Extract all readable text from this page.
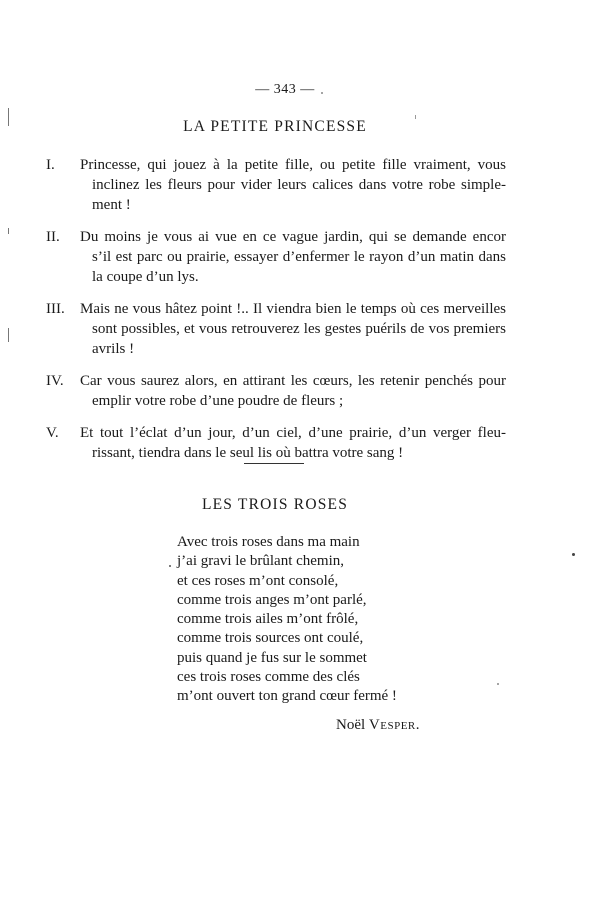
— 343 —
LA PETITE PRINCESSE
I. Princesse, qui jouez à la petite fille, ou petite fille vraiment, vous
inclinez les fleurs pour vider leurs calices dans votre robe simple-
ment !
II. Du moins je vous ai vue en ce vague jardin, qui se demande encor
s’il est parc ou prairie, essayer d’enfermer le rayon d’un matin dans
la coupe d’un lys.
III. Mais ne vous hâtez point !.. Il viendra bien le temps où ces merveilles
sont possibles, et vous retrouverez les gestes puérils de vos premiers
avrils !
IV. Car vous saurez alors, en attirant les cœurs, les retenir penchés pour
emplir votre robe d’une poudre de fleurs ;
V. Et tout l’éclat d’un jour, d’un ciel, d’une prairie, d’un verger fleu-
rissant, tiendra dans le seul lis où battra votre sang !
LES TROIS ROSES
Avec trois roses dans ma main
j’ai gravi le brûlant chemin,
et ces roses m’ont consolé,
comme trois anges m’ont parlé,
comme trois ailes m’ont frôlé,
comme trois sources ont coulé,
puis quand je fus sur le sommet
ces trois roses comme des clés
m’ont ouvert ton grand cœur fermé !
Noël Vesper.
